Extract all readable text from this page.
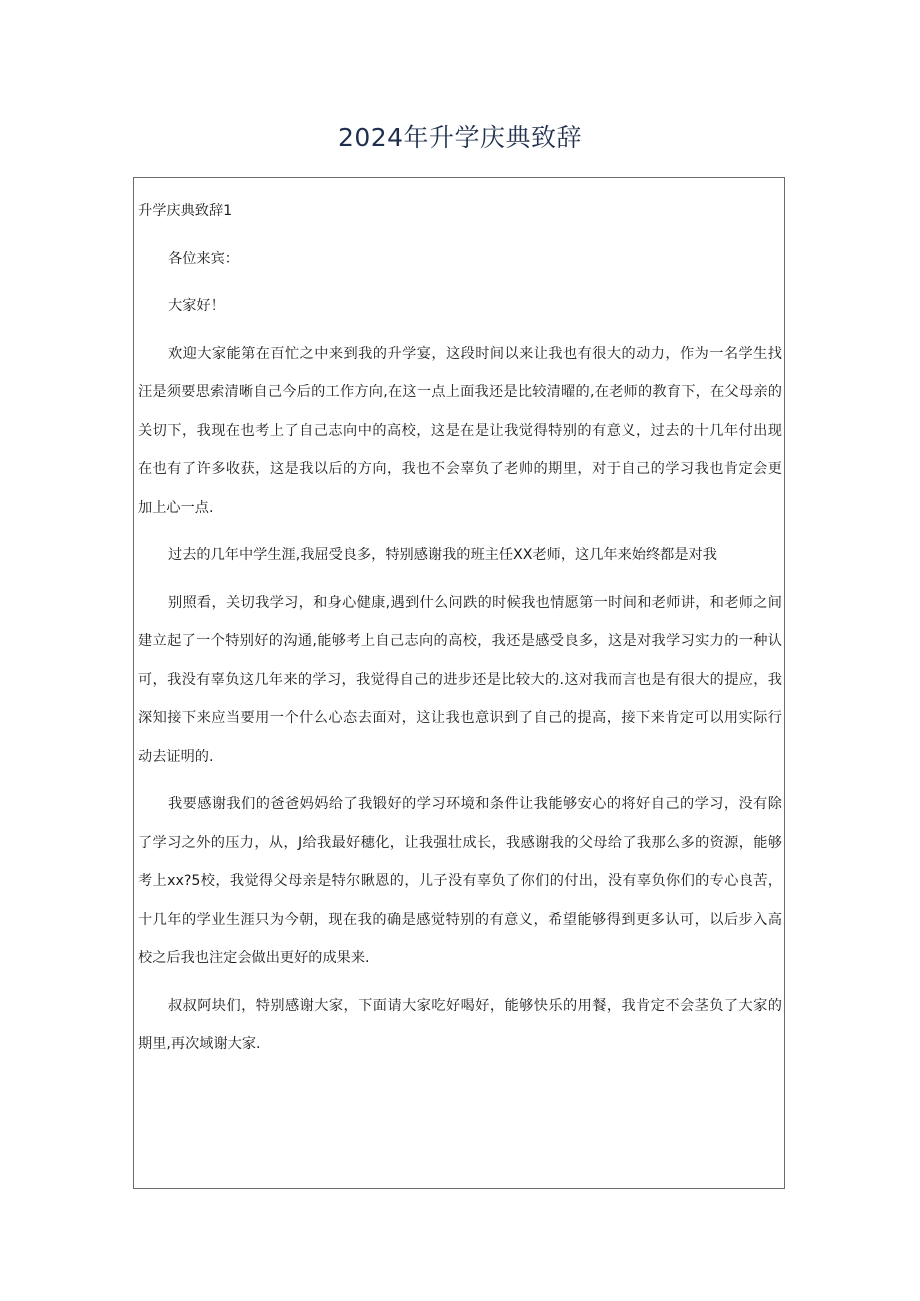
2024年升学庆典致辞
升学庆典致辞1
各位来宾：
大家好！
欢迎大家能第在百忙之中来到我的升学宴，这段时间以来让我也有很大的动力，作为一名学生找
汪是须要思索清晰自己今后的工作方向,在这一点上面我还是比较清曜的,在老师的教育下，在父母亲的
关切下，我现在也考上了自己志向中的高校，这是在是让我觉得特别的有意义，过去的十几年付出现
在也有了许多收获，这是我以后的方向，我也不会辜负了老帅的期里，对于自己的学习我也肯定会更
加上心一点.
过去的几年中学生涯,我屈受良多，特别感谢我的班主任XX老师，这几年来始终都是对我
别照看，关切我学习，和身心健康,遇到什么问跌的时候我也情愿第一时间和老师讲，和老师之间
建立起了一个特别好的沟通,能够考上自己志向的高校，我还是感受良多，这是对我学习实力的一种认
可，我没有辜负这几年来的学习，我觉得自己的进步还是比较大的.这对我而言也是有很大的提应，我
深知接下来应当要用一个什么心态去面对，这让我也意识到了自己的提高，接下来肯定可以用实际行
动去证明的.
我要感谢我们的爸爸妈妈给了我锻好的学习环境和条件让我能够安心的将好自己的学习，没有除
了学习之外的压力，从，J给我最好穗化，让我强壮成长，我感谢我的父母给了我那么多的资源，能够
考上xx?5校，我觉得父母亲是特尔瞅恩的，儿子没有辜负了你们的付出，没有辜负你们的专心良苦，
十几年的学业生涯只为今朝，现在我的确是感觉特别的有意义，希望能够得到更多认可，以后步入高
校之后我也注定会做出更好的成果来.
叔叔阿块们，特别感谢大家，下面请大家吃好喝好，能够快乐的用餐，我肯定不会茎负了大家的
期里,再次域谢大家.
